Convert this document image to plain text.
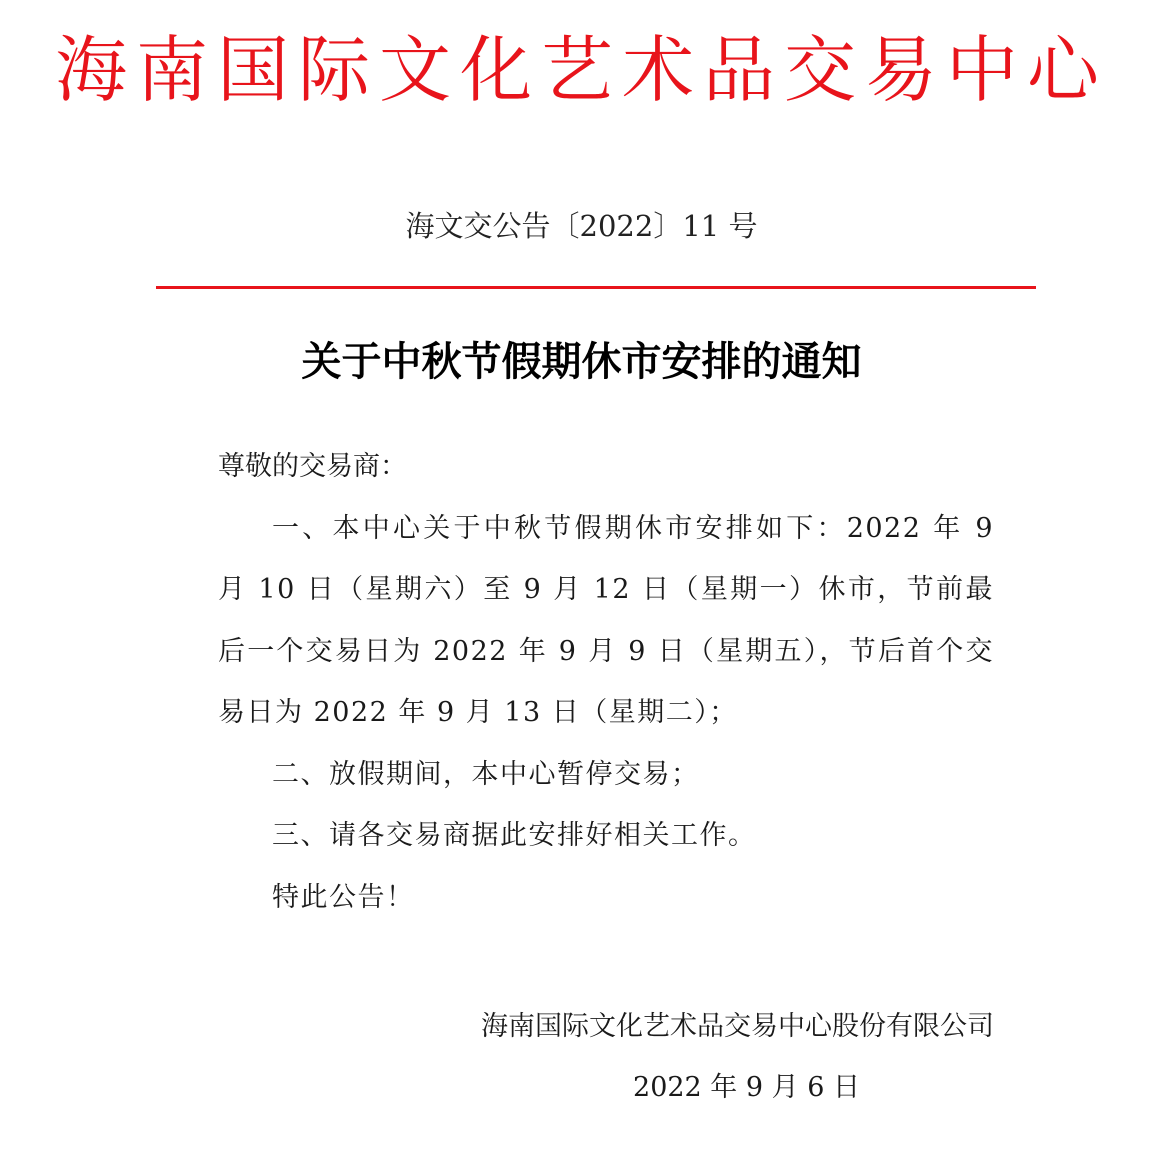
海南国际文化艺术品交易中心
海文交公告〔2022〕11 号
关于中秋节假期休市安排的通知

尊敬的交易商：

一、本中心关于中秋节假期休市安排如下：2022 年 9 月 10 日（星期六）至 9 月 12 日（星期一）休市，节前最后一个交易日为 2022 年 9 月 9 日（星期五），节后首个交易日为 2022 年 9 月 13 日（星期二）；

二、放假期间，本中心暂停交易；

三、请各交易商据此安排好相关工作。

特此公告！

海南国际文化艺术品交易中心股份有限公司
2022 年 9 月 6 日
